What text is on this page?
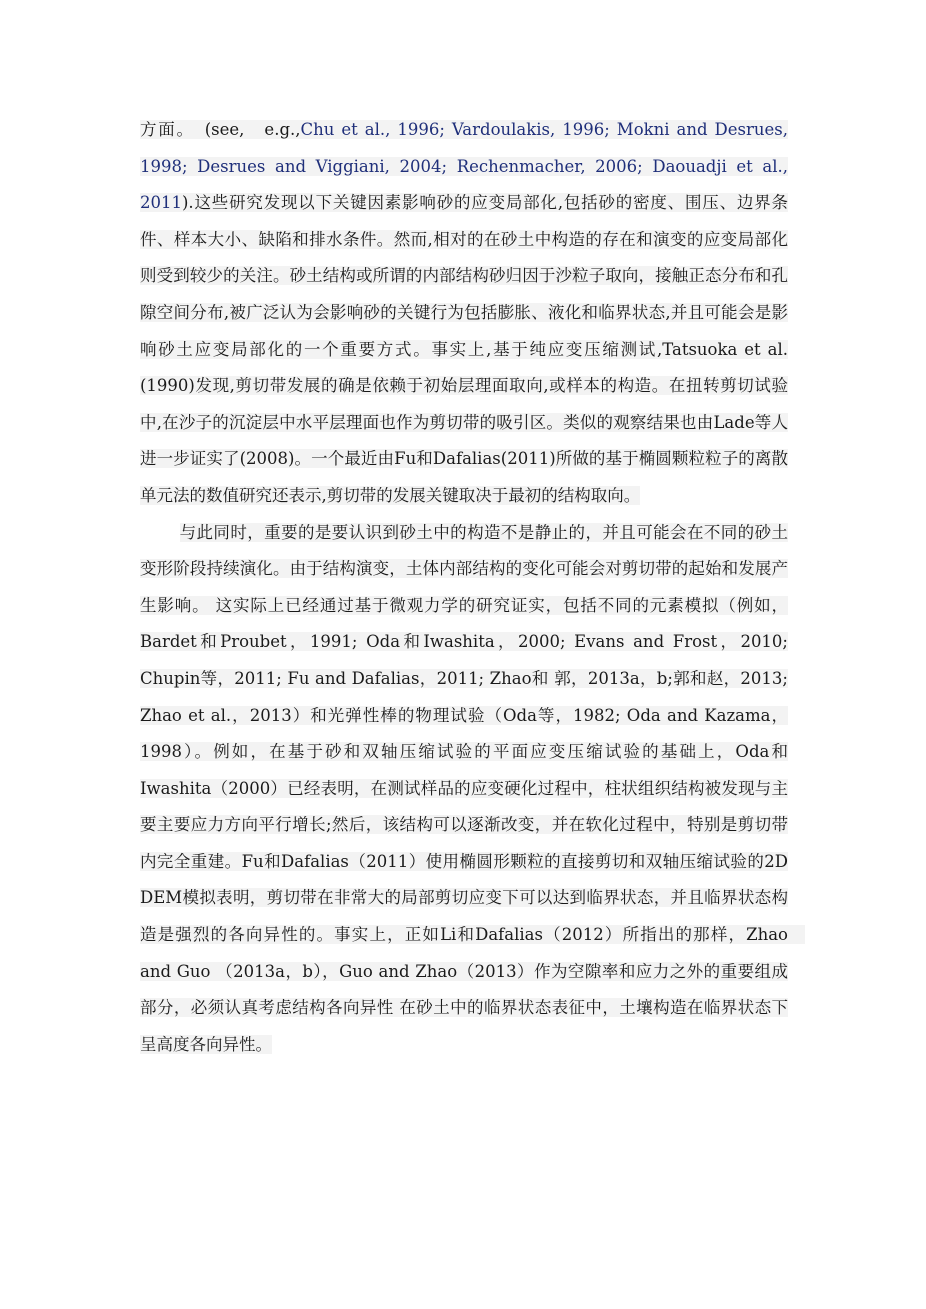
方面。　(see,　e.g.,Chu et al., 1996; Vardoulakis, 1996; Mokni and Desrues, 1998; Desrues and Viggiani, 2004; Rechenmacher, 2006; Daouadji et al., 2011).这些研究发现以下关键因素影响砂的应变局部化,包括砂的密度、围压、边界条件、样本大小、缺陷和排水条件。然而,相对的在砂土中构造的存在和演变的应变局部化则受到较少的关注。砂土结构或所谓的内部结构砂归因于沙粒子取向，接触正态分布和孔隙空间分布,被广泛认为会影响砂的关键行为包括膨胀、液化和临界状态,并且可能会是影响砂土应变局部化的一个重要方式。事实上,基于纯应变压缩测试,Tatsuoka et al.(1990)发现,剪切带发展的确是依赖于初始层理面取向,或样本的构造。在扭转剪切试验中,在沙子的沉淀层中水平层理面也作为剪切带的吸引区。类似的观察结果也由Lade等人进一步证实了(2008)。一个最近由Fu和Dafalias(2011)所做的基于椭圆颗粒粒子的离散单元法的数值研究还表示,剪切带的发展关键取决于最初的结构取向。

与此同时，重要的是要认识到砂土中的构造不是静止的，并且可能会在不同的砂土变形阶段持续演化。由于结构演变，土体内部结构的变化可能会对剪切带的起始和发展产生影响。 这实际上已经通过基于微观力学的研究证实，包括不同的元素模拟（例如，Bardet和Proubet，1991; Oda和Iwashita，2000; Evans and Frost，2010; Chupin等，2011; Fu and Dafalias，2011; Zhao和 郭，2013a，b;郭和赵，2013; Zhao et al.，2013）和光弹性棒的物理试验（Oda等，1982; Oda and Kazama，1998）。例如，在基于砂和双轴压缩试验的平面应变压缩试验的基础上，Oda和Iwashita（2000）已经表明，在测试样品的应变硬化过程中，柱状组织结构被发现与主要主要应力方向平行增长;然后，该结构可以逐渐改变，并在软化过程中，特别是剪切带内完全重建。Fu和Dafalias（2011）使用椭圆形颗粒的直接剪切和双轴压缩试验的2D DEM模拟表明，剪切带在非常大的局部剪切应变下可以达到临界状态，并且临界状态构造是强烈的各向异性的。事实上，正如Li和Dafalias（2012）所指出的那样，Zhao　and Guo （2013a，b），Guo and Zhao（2013）作为空隙率和应力之外的重要组成部分，必须认真考虑结构各向异性 在砂土中的临界状态表征中，土壤构造在临界状态下呈高度各向异性。
